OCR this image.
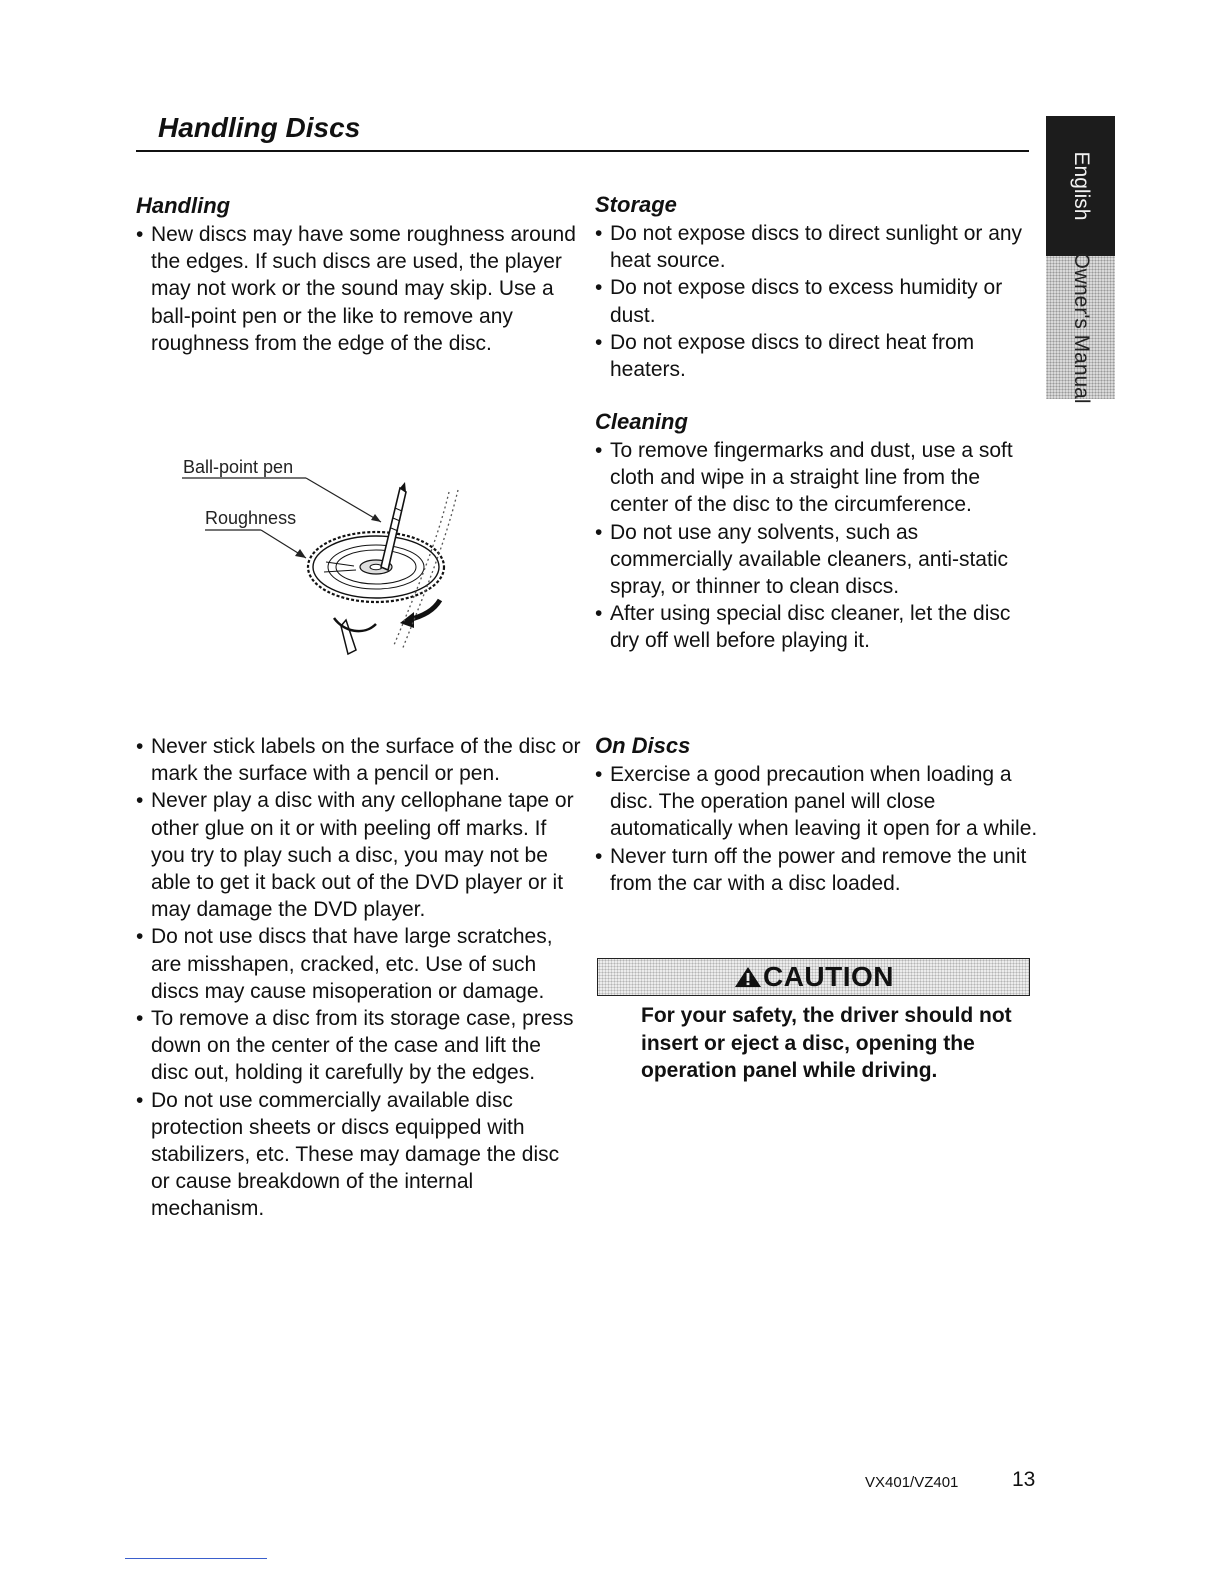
Handling Discs
English
Owner's Manual
Handling
• New discs may have some roughness around the edges. If such discs are used, the player may not work or the sound may skip. Use a ball-point pen or the like to remove any roughness from the edge of the disc.
Ball-point pen
Roughness
• Never stick labels on the surface of the disc or mark the surface with a pencil or pen.
• Never play a disc with any cellophane tape or other glue on it or with peeling off marks. If you try to play such a disc, you may not be able to get it back out of the DVD player or it may damage the DVD player.
• Do not use discs that have large scratches, are misshapen, cracked, etc. Use of such discs may cause misoperation or damage.
• To remove a disc from its storage case, press down on the center of the case and lift the disc out, holding it carefully by the edges.
• Do not use commercially available disc protection sheets or discs equipped with stabilizers, etc. These may damage the disc or cause breakdown of the internal mechanism.
Storage
• Do not expose discs to direct sunlight or any heat source.
• Do not expose discs to excess humidity or dust.
• Do not expose discs to direct heat from heaters.
Cleaning
• To remove fingermarks and dust, use a soft cloth and wipe in a straight line from the center of the disc to the circumference.
• Do not use any solvents, such as commercially available cleaners, anti-static spray, or thinner to clean discs.
• After using special disc cleaner, let the disc dry off well before playing it.
On Discs
• Exercise a good precaution when loading a disc. The operation panel will close automatically when leaving it open for a while.
• Never turn off the power and remove the unit from the car with a disc loaded.
CAUTION
For your safety, the driver should not insert or eject a disc, opening the operation panel while driving.
VX401/VZ401	13
